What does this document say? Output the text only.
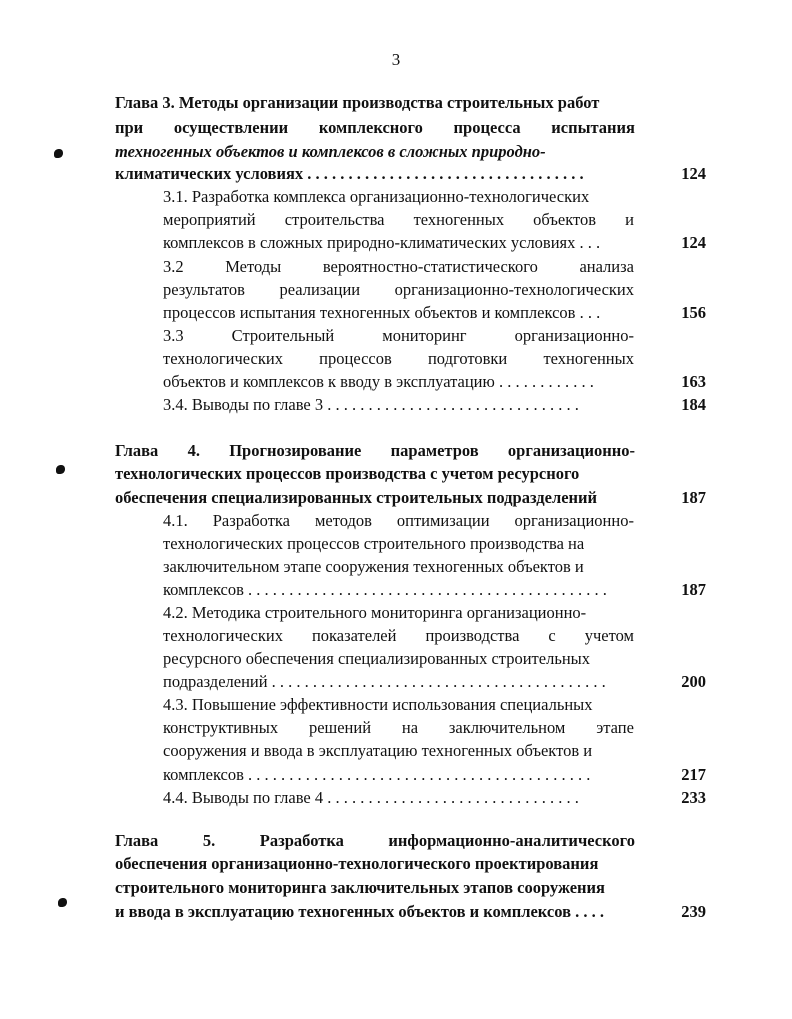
3
Глава 3. Методы организации производства строительных работ
при осуществлении комплексного процесса испытания
техногенных объектов и комплексов в сложных природно-
климатических условиях . . . . . . . . . . . . . . . . . . . . . . . . . . . . . . . . . .	124
3.1. Разработка комплекса организационно-технологических
мероприятий строительства техногенных объектов и
комплексов в сложных природно-климатических условиях . . .	124
3.2	Методы	вероятностно-статистического	анализа
результатов реализации организационно-технологических
процессов испытания техногенных объектов и комплексов . . .	156
3.3	Строительный	мониторинг	организационно-
технологических процессов подготовки техногенных
объектов и комплексов к вводу в эксплуатацию . . . . . . . . . . . .	163
3.4. Выводы по главе 3 . . . . . . . . . . . . . . . . . . . . . . . . . . . . . . .	184
Глава 4. Прогнозирование параметров организационно-
технологических процессов производства с учетом ресурсного
обеспечения специализированных строительных подразделений	187
4.1. Разработка методов оптимизации организационно-
технологических процессов строительного производства на
заключительном этапе сооружения техногенных объектов и
комплексов . . . . . . . . . . . . . . . . . . . . . . . . . . . . . . . . . . . . . . . . . . . .	187
4.2. Методика строительного мониторинга организационно-
технологических показателей производства с учетом
ресурсного обеспечения специализированных строительных
подразделений . . . . . . . . . . . . . . . . . . . . . . . . . . . . . . . . . . . . . . . . .	200
4.3. Повышение эффективности использования специальных
конструктивных решений на заключительном этапе
сооружения и ввода в эксплуатацию техногенных объектов и
комплексов . . . . . . . . . . . . . . . . . . . . . . . . . . . . . . . . . . . . . . . . . .	217
4.4. Выводы по главе 4 . . . . . . . . . . . . . . . . . . . . . . . . . . . . . . .	233
Глава	5.	Разработка	информационно-аналитического
обеспечения организационно-технологического проектирования
строительного мониторинга заключительных этапов сооружения
и ввода в эксплуатацию техногенных объектов и комплексов . . . .	239
